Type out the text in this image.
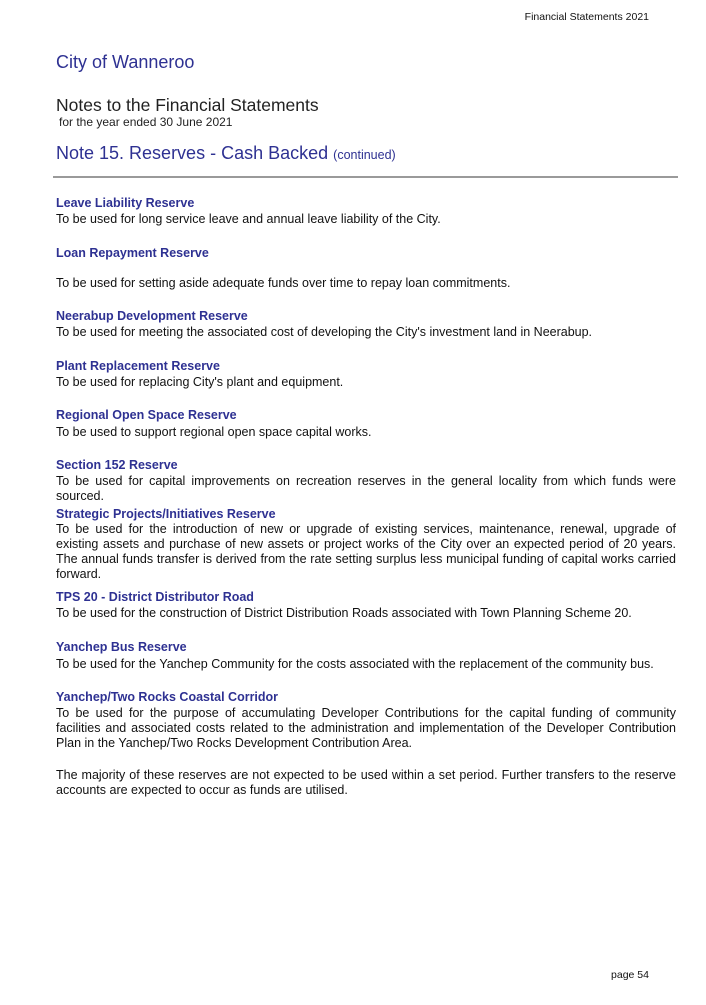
Financial Statements 2021
City of Wanneroo
Notes to the Financial Statements
for the year ended 30 June 2021
Note 15. Reserves - Cash Backed (continued)
Leave Liability Reserve
To be used for long service leave and annual leave liability of the City.
Loan Repayment Reserve
To be used for setting aside adequate funds over time to repay loan commitments.
Neerabup Development Reserve
To be used for meeting the associated cost of developing the City's investment land in Neerabup.
Plant Replacement Reserve
To be used for replacing City's plant and equipment.
Regional Open Space Reserve
To be used to support regional open space capital works.
Section 152 Reserve
To be used for capital improvements on recreation reserves in the general locality from which funds were sourced.
Strategic Projects/Initiatives Reserve
To be used for the introduction of new or upgrade of existing services, maintenance, renewal, upgrade of existing assets and purchase of new assets or project works of the City over an expected period of 20 years. The annual funds transfer is derived from the rate setting surplus less municipal funding of capital works carried forward.
TPS 20 - District Distributor Road
To be used for the construction of District Distribution Roads associated with Town Planning Scheme 20.
Yanchep Bus Reserve
To be used for the Yanchep Community for the costs associated with the replacement of the community bus.
Yanchep/Two Rocks Coastal Corridor
To be used for the purpose of accumulating Developer Contributions for the capital funding of community facilities and associated costs related to the administration and implementation of the Developer Contribution Plan in the Yanchep/Two Rocks Development Contribution Area.
The majority of these reserves are not expected to be used within a set period. Further transfers to the reserve accounts are expected to occur as funds are utilised.
page 54
